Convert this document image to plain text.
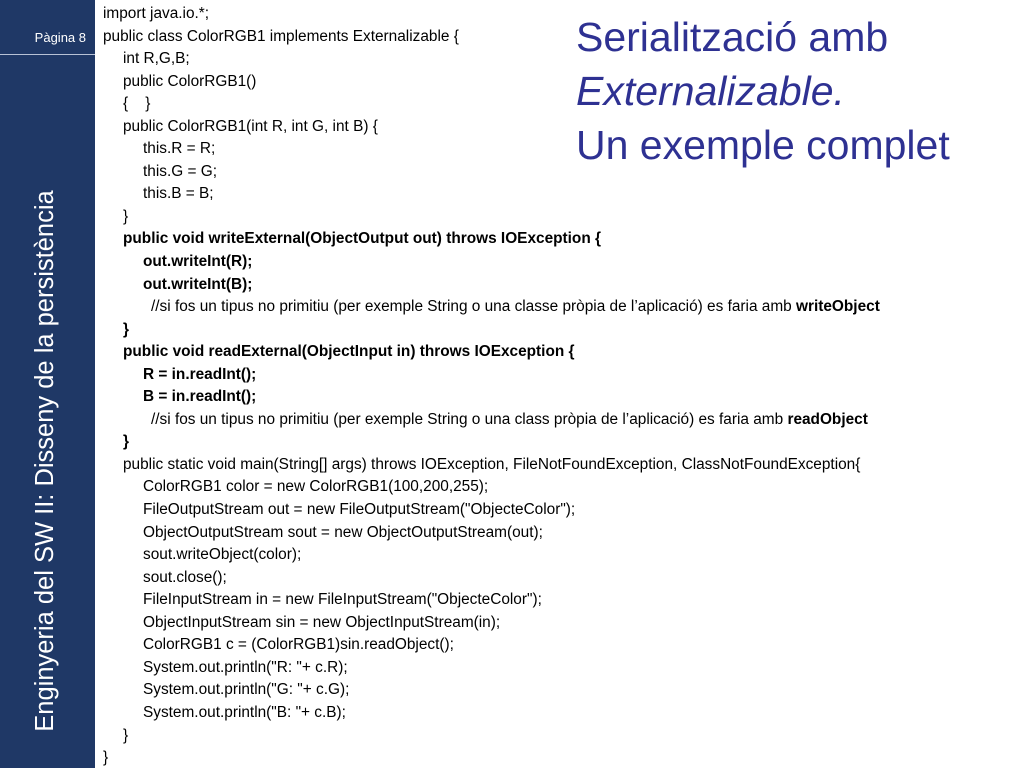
Pàgina 8
Enginyeria del SW II: Disseny de la persistència
Serialització amb
Externalizable.
Un exemple complet
import java.io.*;
public class ColorRGB1 implements Externalizable {
int R,G,B;
public ColorRGB1()
{    }
public ColorRGB1(int R, int G, int B) {
this.R = R;
this.G = G;
this.B = B;
}
public void writeExternal(ObjectOutput out) throws IOException {
out.writeInt(R);
out.writeInt(B);
//si fos un tipus no primitiu (per exemple String o una classe pròpia de l’aplicació) es faria amb writeObject
}
public void readExternal(ObjectInput in) throws IOException {
R = in.readInt();
B = in.readInt();
//si fos un tipus no primitiu (per exemple String o una class pròpia de l’aplicació) es faria amb readObject
}
public static void main(String[] args) throws IOException, FileNotFoundException, ClassNotFoundException{
ColorRGB1 color = new ColorRGB1(100,200,255);
FileOutputStream out = new FileOutputStream("ObjecteColor");
ObjectOutputStream sout = new ObjectOutputStream(out);
sout.writeObject(color);
sout.close();
FileInputStream in = new FileInputStream("ObjecteColor");
ObjectInputStream sin = new ObjectInputStream(in);
ColorRGB1 c = (ColorRGB1)sin.readObject();
System.out.println("R: "+ c.R);
System.out.println("G: "+ c.G);
System.out.println("B: "+ c.B);
}
}
